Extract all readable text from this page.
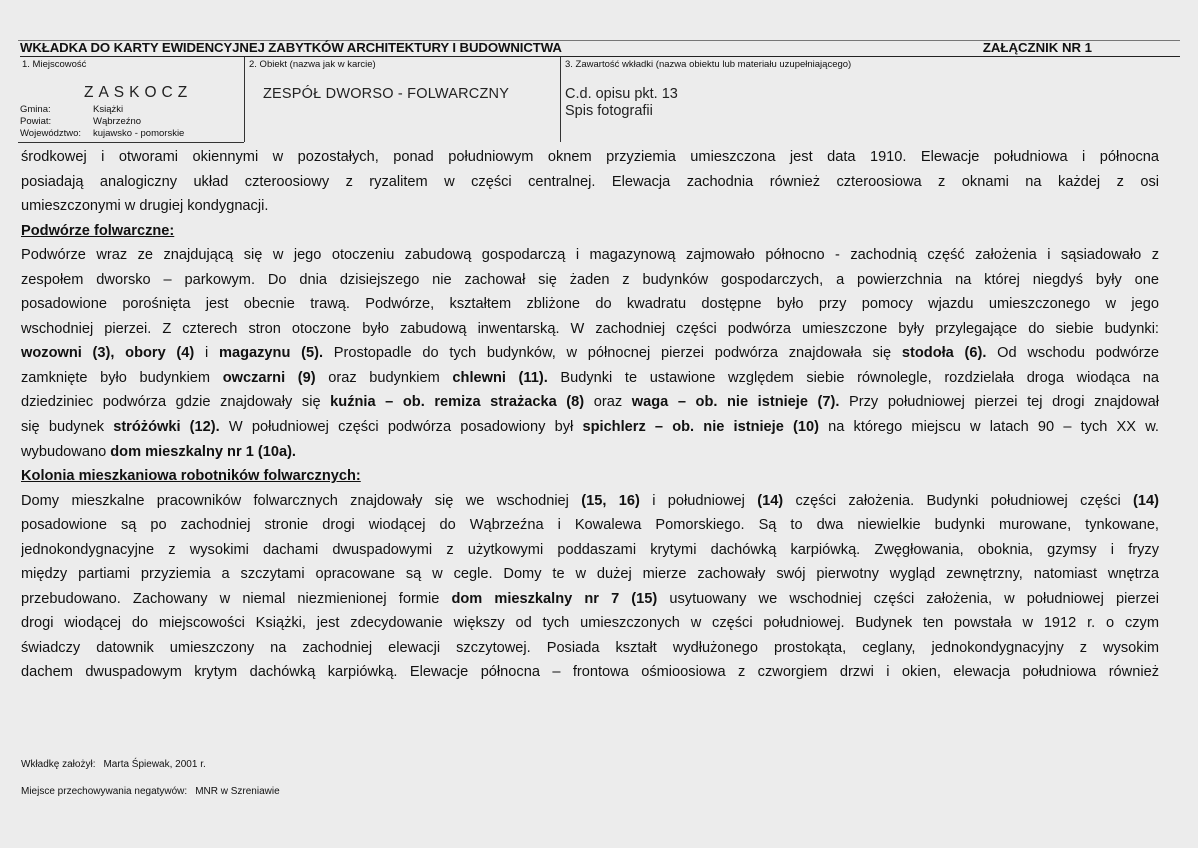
WKŁADKA DO KARTY EWIDENCYJNEJ ZABYTKÓW ARCHITEKTURY I BUDOWNICTWA	ZAŁĄCZNIK NR 1
1. Miejscowość
ZASKOCZ
Gmina:	Książki
Powiat:	Wąbrzeźno
Województwo: kujawsko - pomorskie
2. Obiekt (nazwa jak w karcie)
ZESPÓŁ DWORSO - FOLWARCZNY
3. Zawartość wkładki (nazwa obiektu lub materiału uzupełniającego)
C.d. opisu pkt. 13
Spis fotografii
środkowej i otworami okiennymi w pozostałych, ponad południowym oknem przyziemia umieszczona jest data 1910. Elewacje południowa i północna
posiadają analogiczny układ czteroosiowy z ryzalitem w części centralnej. Elewacja zachodnia również czteroosiowa z oknami na każdej z osi
umieszczonymi w drugiej kondygnacji.
Podwórze folwarczne:
Podwórze wraz ze znajdującą się w jego otoczeniu zabudową gospodarczą i magazynową zajmowało północno - zachodnią część założenia i sąsiadowało z
zespołem dworsko – parkowym. Do dnia dzisiejszego nie zachował się żaden z budynków gospodarczych, a powierzchnia na której niegdyś były one
posadowione porośnięta jest obecnie trawą. Podwórze, kształtem zbliżone do kwadratu dostępne było przy pomocy wjazdu umieszczonego w jego
wschodniej pierzei. Z czterech stron otoczone było zabudową inwentarską. W zachodniej części podwórza umieszczone były przylegające do siebie budynki:
wozowni (3), obory (4) i magazynu (5). Prostopadle do tych budynków, w północnej pierzei podwórza znajdowała się stodoła (6). Od wschodu podwórze
zamknięte było budynkiem owczarni (9) oraz budynkiem chlewni (11). Budynki te ustawione względem siebie równolegle, rozdzielała droga wiodąca na
dziedziniec podwórza gdzie znajdowały się kuźnia – ob. remiza strażacka (8) oraz waga – ob. nie istnieje (7). Przy południowej pierzei tej drogi znajdował
się budynek stróżówki (12). W południowej części podwórza posadowiony był spichlerz – ob. nie istnieje (10) na którego miejscu w latach 90 – tych XX w.
wybudowano dom mieszkalny nr 1 (10a).
Kolonia mieszkaniowa robotników folwarcznych:
Domy mieszkalne pracowników folwarcznych znajdowały się we wschodniej (15, 16) i południowej (14) części założenia. Budynki południowej części (14)
posadowione są po zachodniej stronie drogi wiodącej do Wąbrzeźna i Kowalewa Pomorskiego. Są to dwa niewielkie budynki murowane, tynkowane,
jednokondygnacyjne z wysokimi dachami dwuspadowymi z użytkowymi poddaszami krytymi dachówką karpiówką. Zwęgłowania, obokniа, gzymsy i fryzy
między partiami przyziemia a szczytami opracowane są w cegle. Domy te w dużej mierze zachowały swój pierwotny wygląd zewnętrzny, natomiast wnętrza
przebudowano. Zachowany w niemal niezmienionej formie dom mieszkalny nr 7 (15) usytuowany we wschodniej części założenia, w południowej pierzei
drogi wiodącej do miejscowości Książki, jest zdecydowanie większy od tych umieszczonych w części południowej. Budynek ten powstała w 1912 r. o czym
świadczy datownik umieszczony na zachodniej elewacji szczytowej. Posiada kształt wydłużonego prostokąta, ceglany, jednokondygnacyjny z wysokim
dachem dwuspadowym krytym dachówką karpiówką. Elewacje północna – frontowa ośmioosiowa z czworgiem drzwi i okien, elewacja południowa również
Wkładkę założył: Marta Śpiewak, 2001 r.
Miejsce przechowywania negatywów: MNR w Szreniawie
